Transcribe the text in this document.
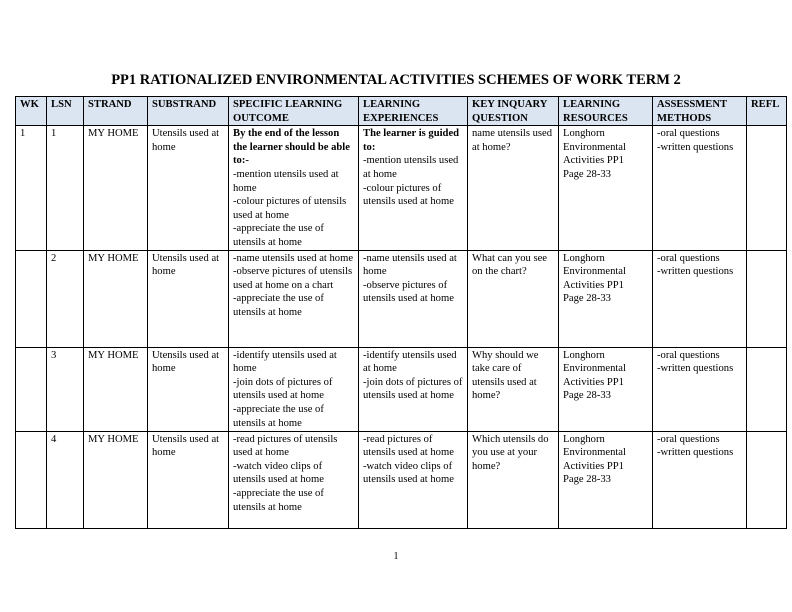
PP1 RATIONALIZED ENVIRONMENTAL ACTIVITIES SCHEMES OF WORK TERM 2
WK	LSN	STRAND	SUBSTRAND	SPECIFIC LEARNING OUTCOME	LEARNING EXPERIENCES	KEY INQUARY QUESTION	LEARNING RESOURCES	ASSESSMENT METHODS	REFL
1	1	MY HOME	Utensils used at home	By the end of the lesson the learner should be able to:-
-mention utensils used at home
-colour pictures of utensils used at home
-appreciate the use of utensils at home	The learner is guided to:
-mention utensils used at home
-colour pictures of utensils used at home	name utensils used at home?	Longhorn Environmental Activities PP1
Page 28-33	-oral questions
-written questions	

	2	MY HOME	Utensils used at home	-name utensils used at home
-observe pictures of utensils used at home on a chart
-appreciate the use of utensils at home	-name utensils used at home
-observe pictures of utensils used at home	What can you see on the chart?	Longhorn Environmental Activities PP1
Page 28-33	-oral questions
-written questions	

	3	MY HOME	Utensils used at home	-identify utensils used at home
-join dots of pictures of utensils used at home
-appreciate the use of utensils at home	-identify utensils used at home
-join dots of pictures of utensils used at home	Why should we take care of utensils used at home?	Longhorn Environmental Activities PP1
Page 28-33	-oral questions
-written questions	

	4	MY HOME	Utensils used at home	-read pictures of utensils used at home
-watch video clips of utensils used at home
-appreciate the use of utensils at home	-read pictures of utensils used at home
-watch video clips of utensils used at home	Which utensils do you use at your home?	Longhorn Environmental Activities PP1
Page 28-33	-oral questions
-written questions	

1
